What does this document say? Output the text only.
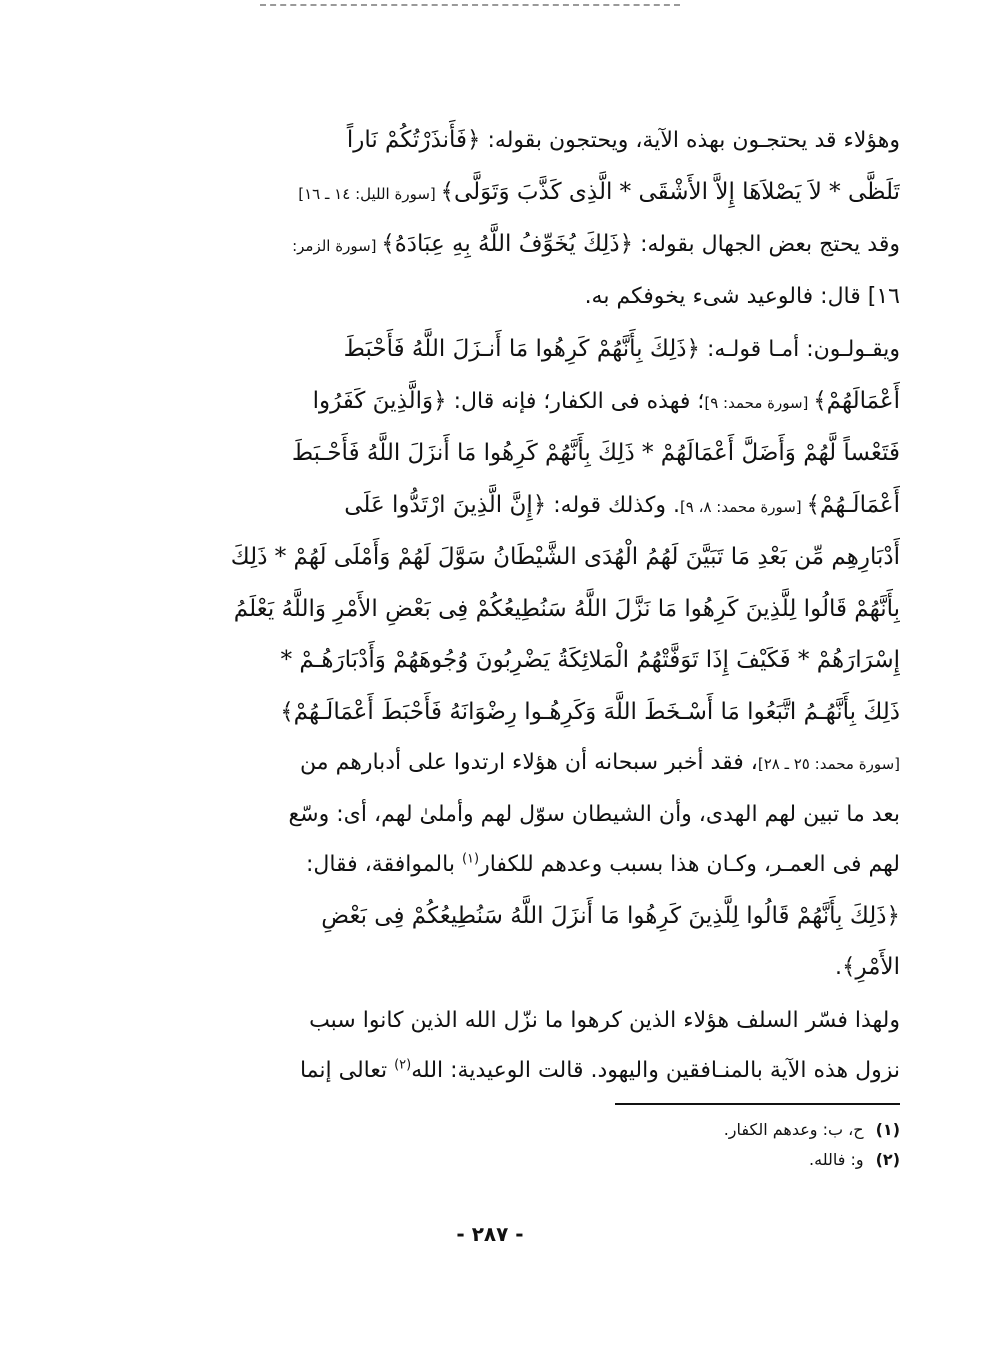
وهؤلاء قد يحتجـون بهذه الآية، ويحتجون بقوله: ﴿فَأَنذَرْتُكُمْ نَاراً
تَلَظَّى * لاَ يَصْلاَهَا إِلاَّ الأَشْقَى * الَّذِى كَذَّبَ وَتَوَلَّى﴾ [سورة الليل: ١٤ ـ ١٦]
وقد يحتج بعض الجهال بقوله: ﴿ذَلِكَ يُخَوِّفُ اللَّهُ بِهِ عِبَادَهُ﴾ [سورة الزمر:
١٦] قال: فالوعيد شىء يخوفكم به.

ويقـولـون: أمـا قولـه: ﴿ذَلِكَ بِأَنَّهُمْ كَرِهُوا مَا أَنـزَلَ اللَّهُ فَأَحْبَطَ
أَعْمَالَهُمْ﴾ [سورة محمد: ٩]؛ فهذه فى الكفار؛ فإنه قال: ﴿وَالَّذِينَ كَفَرُوا
فَتَعْساً لَّهُمْ وَأَضَلَّ أَعْمَالَهُمْ * ذَلِكَ بِأَنَّهُمْ كَرِهُوا مَا أَنزَلَ اللَّهُ فَأَحْـبَطَ
أَعْمَالَـهُمْ﴾ [سورة محمد: ٨، ٩]. وكذلك قوله: ﴿إِنَّ الَّذِينَ ارْتَدُّوا عَلَى
أَدْبَارِهِم مِّن بَعْدِ مَا تَبَيَّنَ لَهُمُ الْهُدَى الشَّيْطَانُ سَوَّلَ لَهُمْ وَأَمْلَى لَهُمْ * ذَلِكَ
بِأَنَّهُمْ قَالُوا لِلَّذِينَ كَرِهُوا مَا نَزَّلَ اللَّهُ سَنُطِيعُكُمْ فِى بَعْضِ الأَمْرِ وَاللَّهُ يَعْلَمُ
إِسْرَارَهُمْ * فَكَيْفَ إِذَا تَوَفَّتْهُمُ الْمَلائِكَةُ يَضْرِبُونَ وُجُوهَهُمْ وَأَدْبَارَهُـمْ *
ذَلِكَ بِأَنَّهُـمُ اتَّبَعُوا مَا أَسْـخَطَ اللَّهَ وَكَرِهُـوا رِضْوَانَهُ فَأَحْبَطَ أَعْمَالَـهُمْ﴾
[سورة محمد: ٢٥ ـ ٢٨]، فقد أخبر سبحانه أن هؤلاء ارتدوا على أدبارهم من
بعد ما تبين لهم الهدى، وأن الشيطان سوّل لهم وأملىٰ لهم، أى: وسّع
لهم فى العمـر، وكـان هذا بسبب وعدهم للكفار$^{(١)}$ بالموافقة، فقال:
﴿ذَلِكَ بِأَنَّهُمْ قَالُوا لِلَّذِينَ كَرِهُوا مَا أَنزَلَ اللَّهُ سَنُطِيعُكُمْ فِى بَعْضِ
الأَمْرِ﴾.

ولهذا فسّر السلف هؤلاء الذين كرهوا ما نزّل الله الذين كانوا سبب
نزول هذه الآية بالمنـافقين واليهود. قالت الوعيدية: الله$^{(٢)}$ تعالى إنما

(١)ح، ب: وعدهم الكفار.
(٢)و: فالله.
- ٢٨٧ -
